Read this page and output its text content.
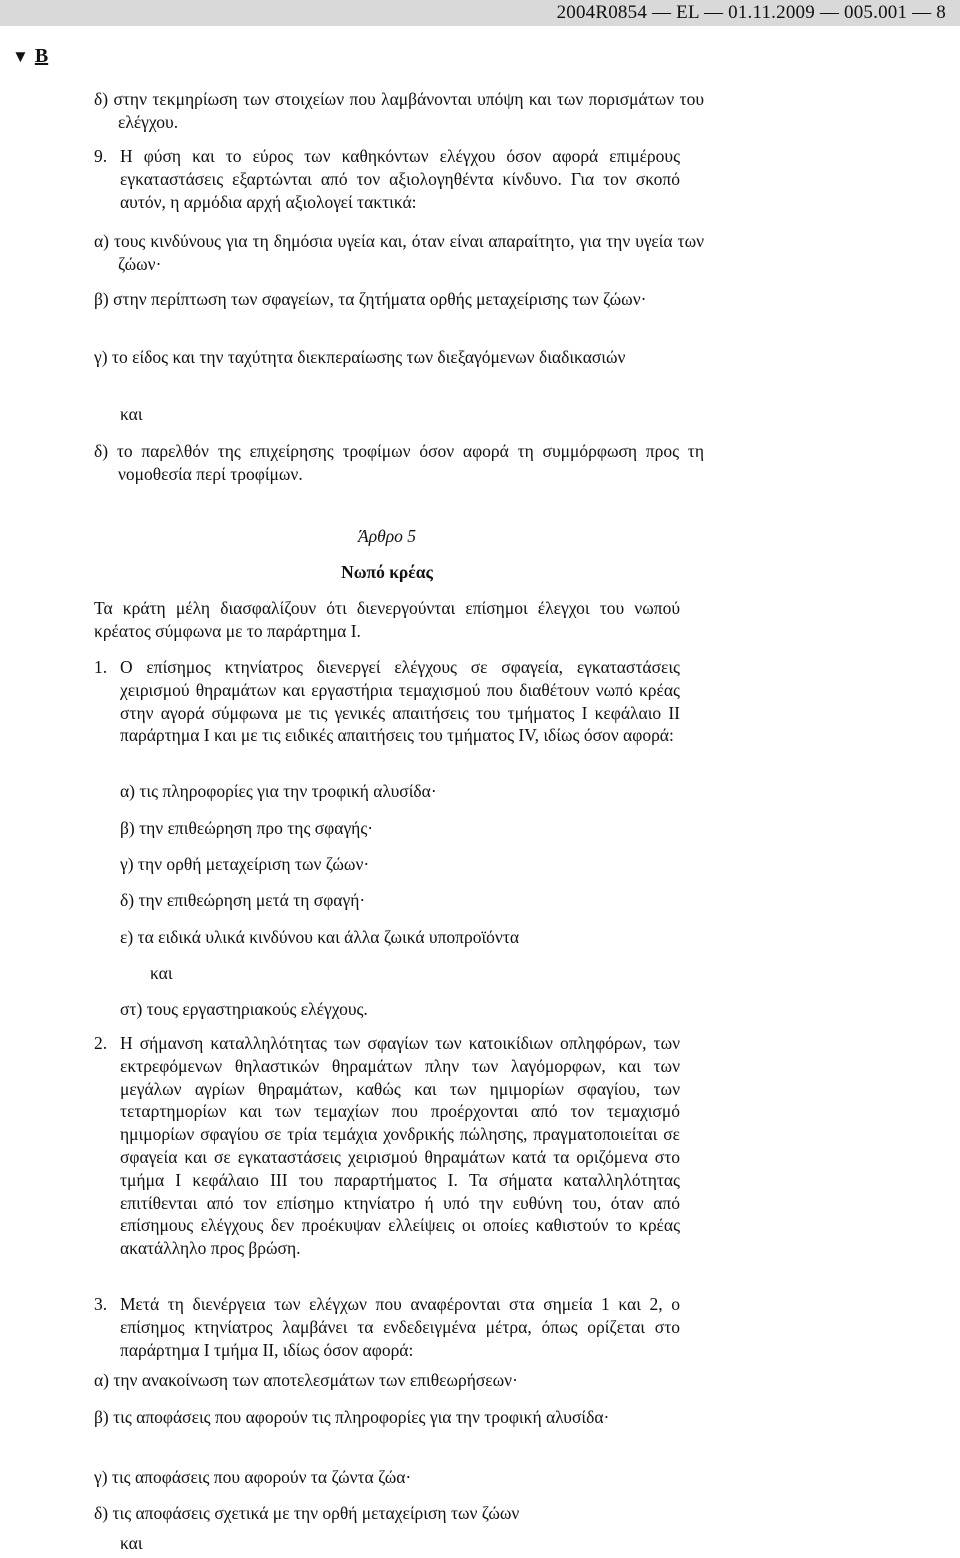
2004R0854 — EL — 01.11.2009 — 005.001 — 8
▼ B
δ) στην τεκμηρίωση των στοιχείων που λαμβάνονται υπόψη και των πορισμάτων του ελέγχου.
9. Η φύση και το εύρος των καθηκόντων ελέγχου όσον αφορά επιμέρους εγκαταστάσεις εξαρτώνται από τον αξιολογηθέντα κίνδυνο. Για τον σκοπό αυτόν, η αρμόδια αρχή αξιολογεί τακτικά:
α) τους κινδύνους για τη δημόσια υγεία και, όταν είναι απαραίτητο, για την υγεία των ζώων·
β) στην περίπτωση των σφαγείων, τα ζητήματα ορθής μεταχείρισης των ζώων·
γ) το είδος και την ταχύτητα διεκπεραίωσης των διεξαγόμενων διαδικασιών
και
δ) το παρελθόν της επιχείρησης τροφίμων όσον αφορά τη συμμόρφωση προς τη νομοθεσία περί τροφίμων.
Άρθρο 5
Νωπό κρέας
Τα κράτη μέλη διασφαλίζουν ότι διενεργούνται επίσημοι έλεγχοι του νωπού κρέατος σύμφωνα με το παράρτημα I.
1. Ο επίσημος κτηνίατρος διενεργεί ελέγχους σε σφαγεία, εγκαταστάσεις χειρισμού θηραμάτων και εργαστήρια τεμαχισμού που διαθέτουν νωπό κρέας στην αγορά σύμφωνα με τις γενικές απαιτήσεις του τμήματος I κεφάλαιο II παράρτημα I και με τις ειδικές απαιτήσεις του τμήματος IV, ιδίως όσον αφορά:
α) τις πληροφορίες για την τροφική αλυσίδα·
β) την επιθεώρηση προ της σφαγής·
γ) την ορθή μεταχείριση των ζώων·
δ) την επιθεώρηση μετά τη σφαγή·
ε) τα ειδικά υλικά κινδύνου και άλλα ζωικά υποπροϊόντα
και
στ) τους εργαστηριακούς ελέγχους.
2. Η σήμανση καταλληλότητας των σφαγίων των κατοικίδιων οπληφόρων, των εκτρεφόμενων θηλαστικών θηραμάτων πλην των λαγόμορφων, και των μεγάλων αγρίων θηραμάτων, καθώς και των ημιμορίων σφαγίου, των τεταρτημορίων και των τεμαχίων που προέρχονται από τον τεμαχισμό ημιμορίων σφαγίου σε τρία τεμάχια χονδρικής πώλησης, πραγματοποιείται σε σφαγεία και σε εγκαταστάσεις χειρισμού θηραμάτων κατά τα οριζόμενα στο τμήμα I κεφάλαιο III του παραρτήματος I. Τα σήματα καταλληλότητας επιτίθενται από τον επίσημο κτηνίατρο ή υπό την ευθύνη του, όταν από επίσημους ελέγχους δεν προέκυψαν ελλείψεις οι οποίες καθιστούν το κρέας ακατάλληλο προς βρώση.
3. Μετά τη διενέργεια των ελέγχων που αναφέρονται στα σημεία 1 και 2, ο επίσημος κτηνίατρος λαμβάνει τα ενδεδειγμένα μέτρα, όπως ορίζεται στο παράρτημα I τμήμα II, ιδίως όσον αφορά:
α) την ανακοίνωση των αποτελεσμάτων των επιθεωρήσεων·
β) τις αποφάσεις που αφορούν τις πληροφορίες για την τροφική αλυσίδα·
γ) τις αποφάσεις που αφορούν τα ζώντα ζώα·
δ) τις αποφάσεις σχετικά με την ορθή μεταχείριση των ζώων
και
